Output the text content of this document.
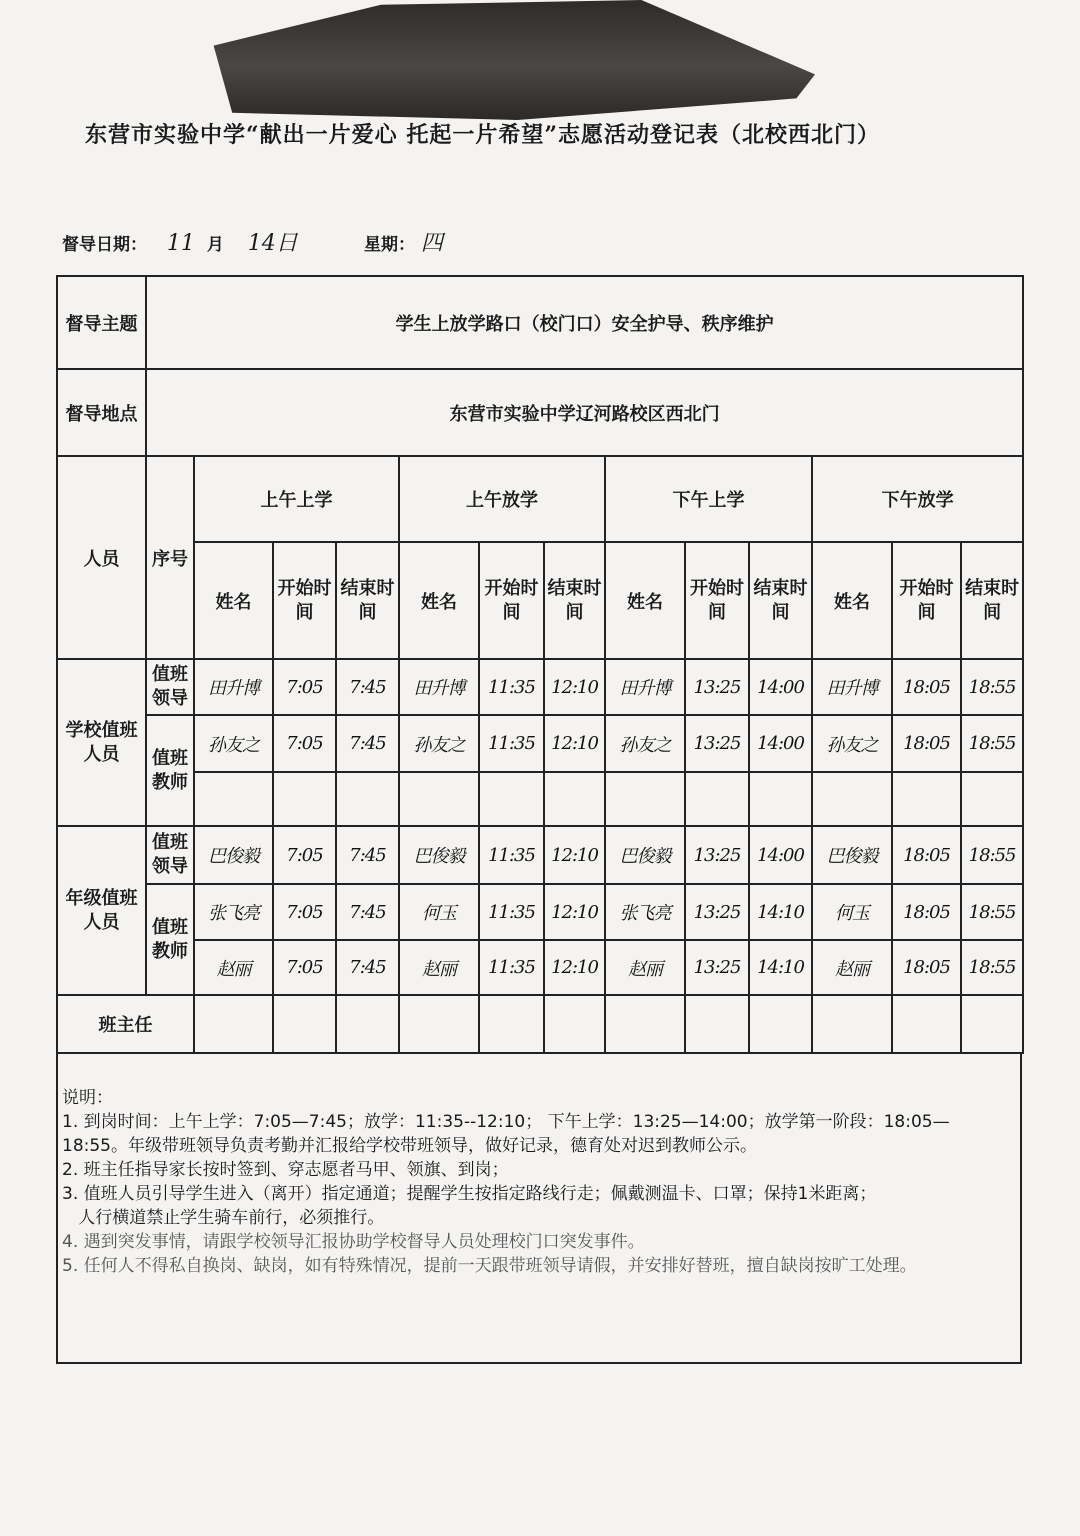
东营市实验中学“献出一片爱心 托起一片希望”志愿活动登记表（北校西北门）
督导日期： 11 月 14日	星期： 四
督导主题	学生上放学路口（校门口）安全护导、秩序维护												
督导地点	东营市实验中学辽河路校区西北门												
人员	序号	上午上学			上午放学			下午上学			下午放学		
		姓名	开始时间	结束时间	姓名	开始时间	结束时间	姓名	开始时间	结束时间	姓名	开始时间	结束时间
学校值班人员	值班领导	田升博	7:05	7:45	田升博	11:35	12:10	田升博	13:25	14:00	田升博	18:05	18:55
	值班教师	孙友之	7:05	7:45	孙友之	11:35	12:10	孙友之	13:25	14:00	孙友之	18:05	18:55

年级值班人员	值班领导	巴俊毅	7:05	7:45	巴俊毅	11:35	12:10	巴俊毅	13:25	14:00	巴俊毅	18:05	18:55
	值班教师	张飞亮	7:05	7:45	何玉	11:35	12:10	张飞亮	13:25	14:10	何玉	18:05	18:55
		赵丽	7:05	7:45	赵丽	11:35	12:10	赵丽	13:25	14:10	赵丽	18:05	18:55
班主任													
说明：
1. 到岗时间：上午上学：7:05—7:45；放学：11:35--12:10； 下午上学：13:25—14:00；放学第一阶段：18:05—18:55。年级带班领导负责考勤并汇报给学校带班领导，做好记录，德育处对迟到教师公示。
2. 班主任指导家长按时签到、穿志愿者马甲、领旗、到岗；
3. 值班人员引导学生进入（离开）指定通道；提醒学生按指定路线行走；佩戴测温卡、口罩；保持1米距离；
人行横道禁止学生骑车前行，必须推行。
4. 遇到突发事情，请跟学校领导汇报协助学校督导人员处理校门口突发事件。
5. 任何人不得私自换岗、缺岗，如有特殊情况，提前一天跟带班领导请假，并安排好替班，擅自缺岗按旷工处理。
